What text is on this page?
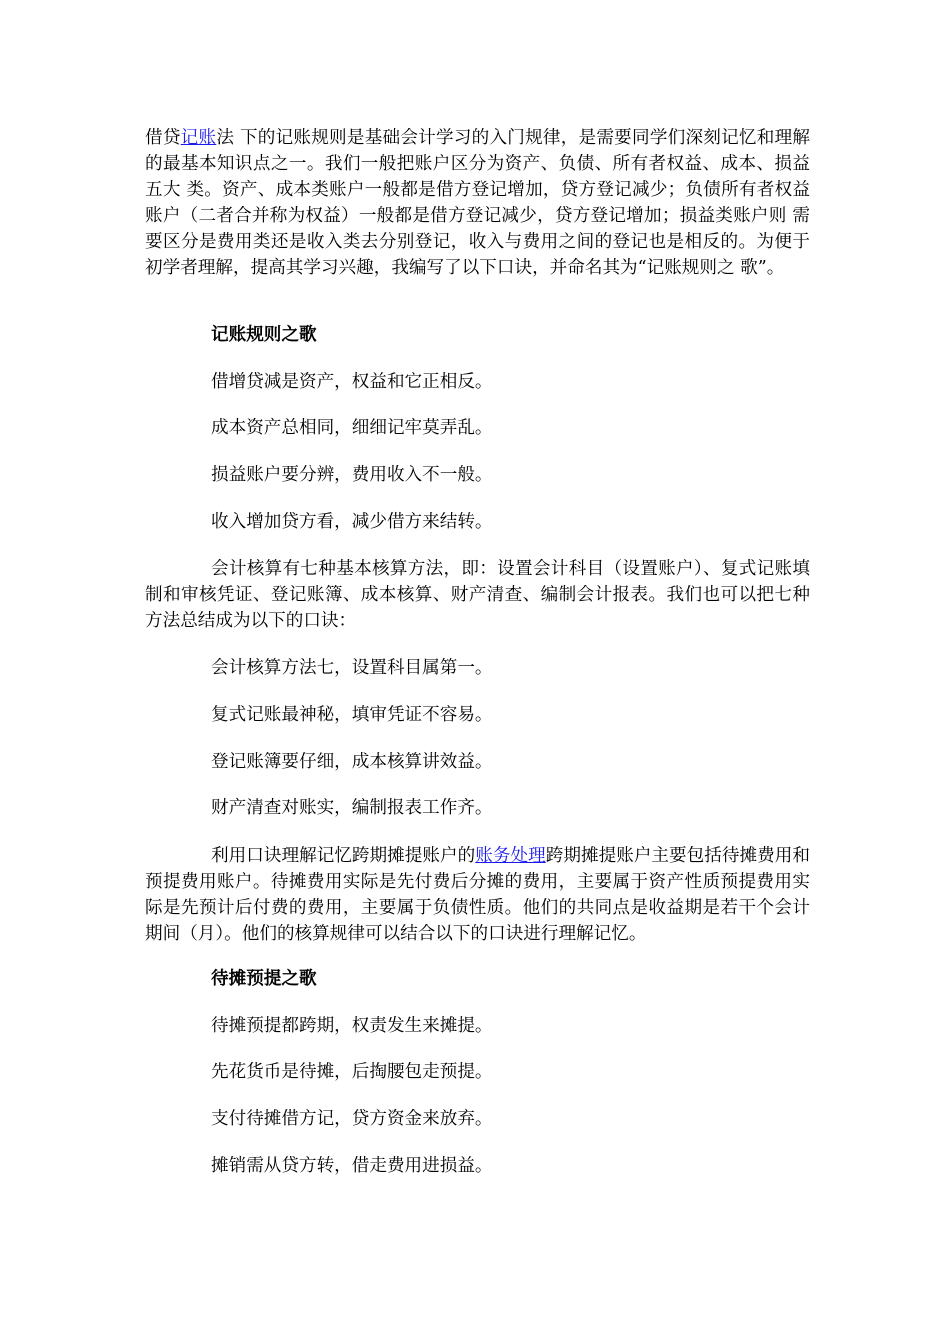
借贷记账法 下的记账规则是基础会计学习的入门规律，是需要同学们深刻记忆和理解的最基本知识点之一。我们一般把账户区分为资产、负债、所有者权益、成本、损益五大 类。资产、成本类账户一般都是借方登记增加，贷方登记减少；负债所有者权益账户（二者合并称为权益）一般都是借方登记减少，贷方登记增加；损益类账户则 需要区分是费用类还是收入类去分别登记，收入与费用之间的登记也是相反的。为便于初学者理解，提高其学习兴趣，我编写了以下口诀，并命名其为“记账规则之 歌”。

记账规则之歌

借增贷减是资产，权益和它正相反。

成本资产总相同，细细记牢莫弄乱。

损益账户要分辨，费用收入不一般。

收入增加贷方看，减少借方来结转。

会计核算有七种基本核算方法，即：设置会计科目（设置账户）、复式记账填制和审核凭证、登记账簿、成本核算、财产清查、编制会计报表。我们也可以把七种方法总结成为以下的口诀：

会计核算方法七，设置科目属第一。

复式记账最神秘，填审凭证不容易。

登记账簿要仔细，成本核算讲效益。

财产清查对账实，编制报表工作齐。

利用口诀理解记忆跨期摊提账户的账务处理跨期摊提账户主要包括待摊费用和预提费用账户。待摊费用实际是先付费后分摊的费用，主要属于资产性质预提费用实际是先预计后付费的费用，主要属于负债性质。他们的共同点是收益期是若干个会计期间（月）。他们的核算规律可以结合以下的口诀进行理解记忆。

待摊预提之歌

待摊预提都跨期，权责发生来摊提。

先花货币是待摊，后掏腰包走预提。

支付待摊借方记，贷方资金来放弃。

摊销需从贷方转，借走费用进损益。
